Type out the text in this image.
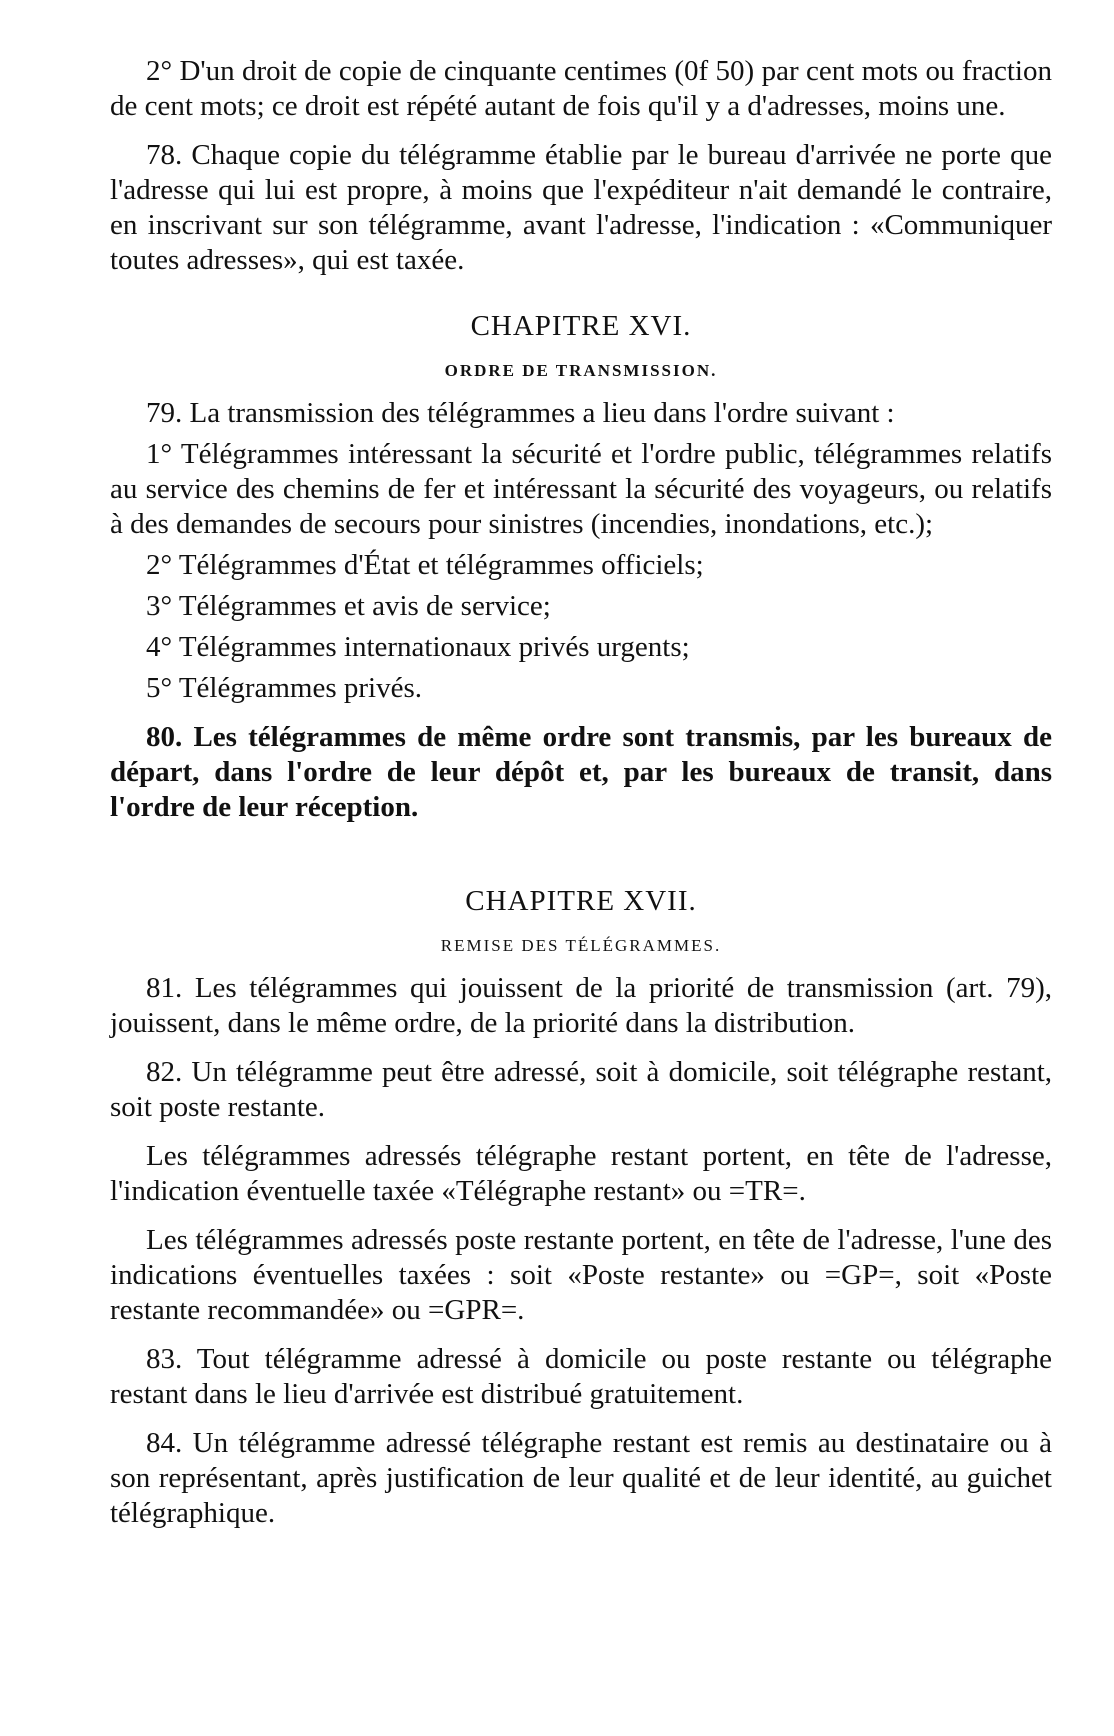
2° D'un droit de copie de cinquante centimes (0f 50) par cent mots ou fraction de cent mots; ce droit est répété autant de fois qu'il y a d'adresses, moins une.

78. Chaque copie du télégramme établie par le bureau d'arrivée ne porte que l'adresse qui lui est propre, à moins que l'expéditeur n'ait demandé le contraire, en inscrivant sur son télégramme, avant l'adresse, l'indication : «Communiquer toutes adresses», qui est taxée.

CHAPITRE XVI.
ORDRE DE TRANSMISSION.

79. La transmission des télégrammes a lieu dans l'ordre suivant :

1° Télégrammes intéressant la sécurité et l'ordre public, télégrammes relatifs au service des chemins de fer et intéressant la sécurité des voyageurs, ou relatifs à des demandes de secours pour sinistres (incendies, inondations, etc.);

2° Télégrammes d'État et télégrammes officiels;

3° Télégrammes et avis de service;

4° Télégrammes internationaux privés urgents;

5° Télégrammes privés.

80. Les télégrammes de même ordre sont transmis, par les bureaux de départ, dans l'ordre de leur dépôt et, par les bureaux de transit, dans l'ordre de leur réception.

CHAPITRE XVII.
REMISE DES TÉLÉGRAMMES.

81. Les télégrammes qui jouissent de la priorité de transmission (art. 79), jouissent, dans le même ordre, de la priorité dans la distribution.

82. Un télégramme peut être adressé, soit à domicile, soit télégraphe restant, soit poste restante.

Les télégrammes adressés télégraphe restant portent, en tête de l'adresse, l'indication éventuelle taxée «Télégraphe restant» ou =TR=.

Les télégrammes adressés poste restante portent, en tête de l'adresse, l'une des indications éventuelles taxées : soit «Poste restante» ou =GP=, soit «Poste restante recommandée» ou =GPR=.

83. Tout télégramme adressé à domicile ou poste restante ou télégraphe restant dans le lieu d'arrivée est distribué gratuitement.

84. Un télégramme adressé télégraphe restant est remis au destinataire ou à son représentant, après justification de leur qualité et de leur identité, au guichet télégraphique.
